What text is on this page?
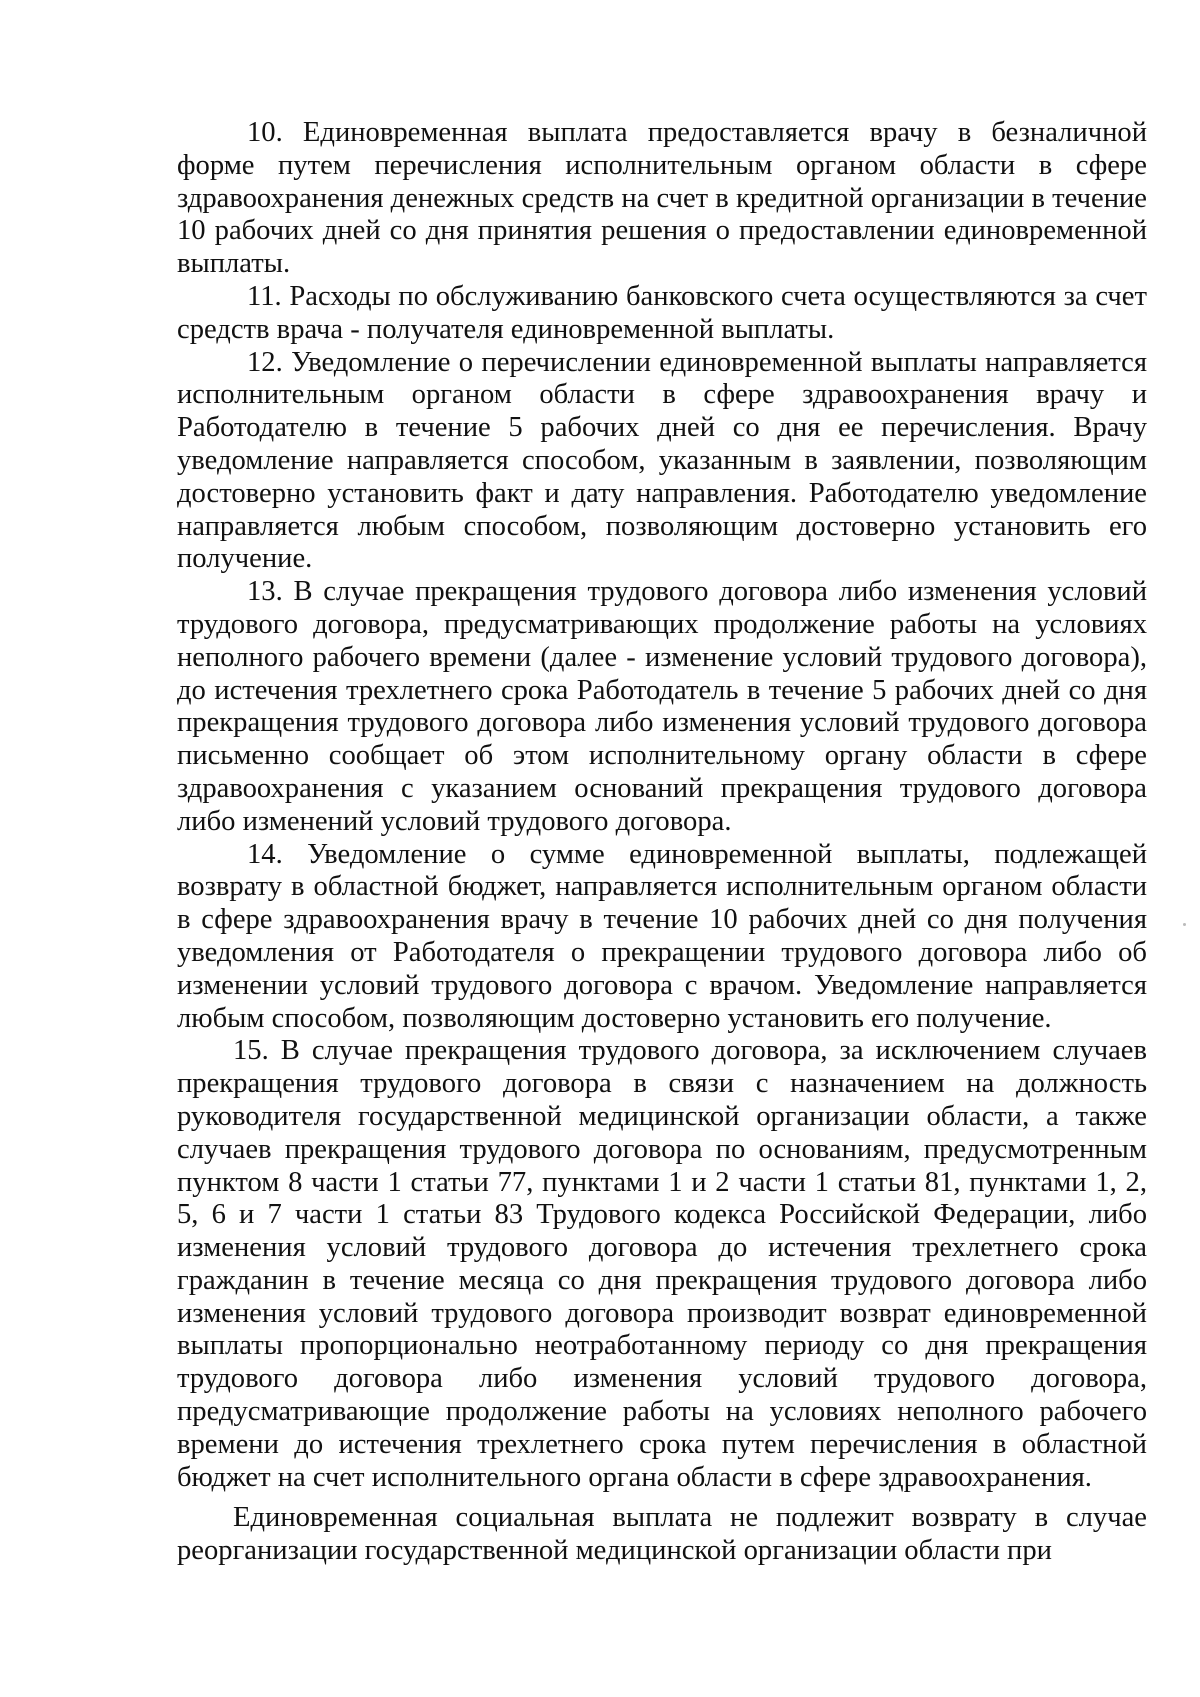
10. Единовременная выплата предоставляется врачу в безналичной форме путем перечисления исполнительным органом области в сфере здравоохранения денежных средств на счет в кредитной организации в течение 10 рабочих дней со дня принятия решения о предоставлении единовременной выплаты.

11. Расходы по обслуживанию банковского счета осуществляются за счет средств врача - получателя единовременной выплаты.

12. Уведомление о перечислении единовременной выплаты направляется исполнительным органом области в сфере здравоохранения врачу и Работодателю в течение 5 рабочих дней со дня ее перечисления. Врачу уведомление направляется способом, указанным в заявлении, позволяющим достоверно установить факт и дату направления. Работодателю уведомление направляется любым способом, позволяющим достоверно установить его получение.

13. В случае прекращения трудового договора либо изменения условий трудового договора, предусматривающих продолжение работы на условиях неполного рабочего времени (далее - изменение условий трудового договора), до истечения трехлетнего срока Работодатель в течение 5 рабочих дней со дня прекращения трудового договора либо изменения условий трудового договора письменно сообщает об этом исполнительному органу области в сфере здравоохранения с указанием оснований прекращения трудового договора либо изменений условий трудового договора.

14. Уведомление о сумме единовременной выплаты, подлежащей возврату в областной бюджет, направляется исполнительным органом области в сфере здравоохранения врачу в течение 10 рабочих дней со дня получения уведомления от Работодателя о прекращении трудового договора либо об изменении условий трудового договора с врачом. Уведомление направляется любым способом, позволяющим достоверно установить его получение.

15. В случае прекращения трудового договора, за исключением случаев прекращения трудового договора в связи с назначением на должность руководителя государственной медицинской организации области, а также случаев прекращения трудового договора по основаниям, предусмотренным пунктом 8 части 1 статьи 77, пунктами 1 и 2 части 1 статьи 81, пунктами 1, 2, 5, 6 и 7 части 1 статьи 83 Трудового кодекса Российской Федерации, либо изменения условий трудового договора до истечения трехлетнего срока гражданин в течение месяца со дня прекращения трудового договора либо изменения условий трудового договора производит возврат единовременной выплаты пропорционально неотработанному периоду со дня прекращения трудового договора либо изменения условий трудового договора, предусматривающие продолжение работы на условиях неполного рабочего времени до истечения трехлетнего срока путем перечисления в областной бюджет на счет исполнительного органа области в сфере здравоохранения.

Единовременная социальная выплата не подлежит возврату в случае реорганизации государственной медицинской организации области при
